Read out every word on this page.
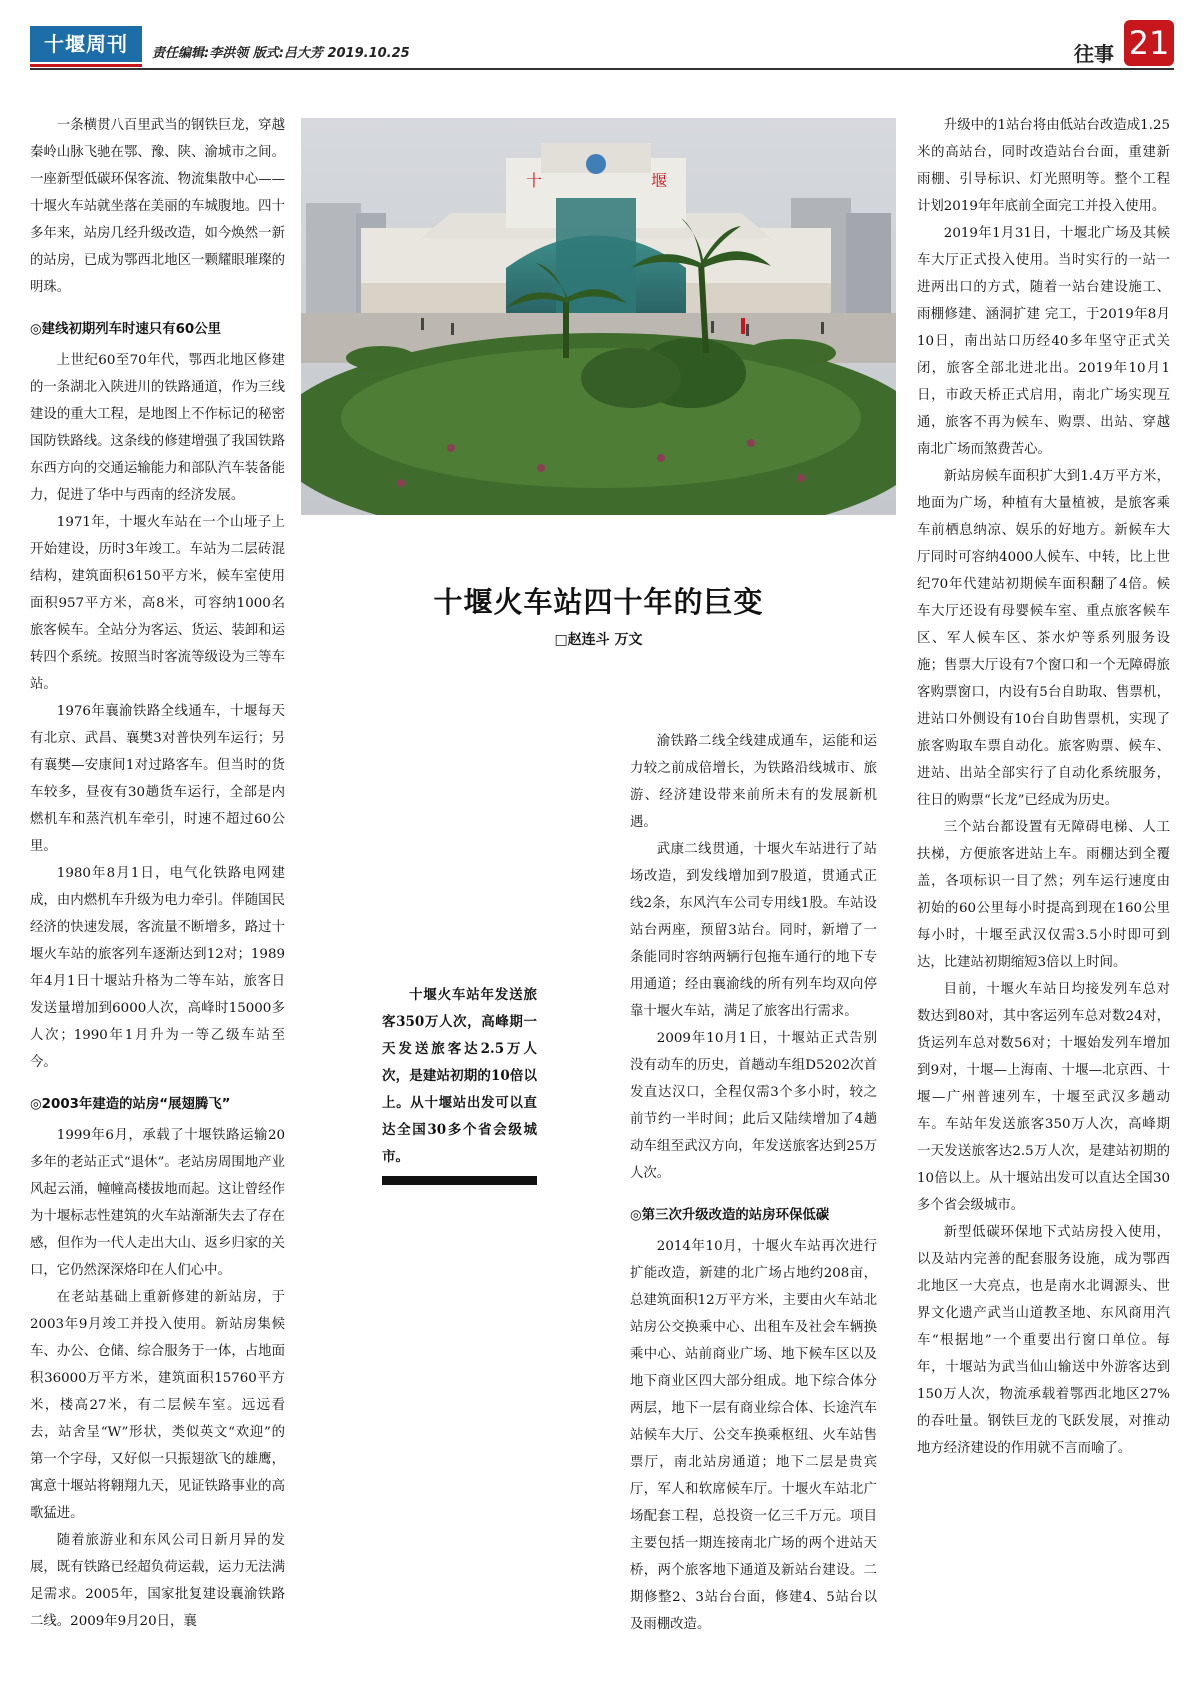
十堰周刊	责任编辑:李洪领 版式:吕大芳 2019.10.25	往事 21

一条横贯八百里武当的钢铁巨龙，穿越秦岭山脉飞驰在鄂、豫、陕、渝城市之间。一座新型低碳环保客流、物流集散中心——十堰火车站就坐落在美丽的车城腹地。四十多年来，站房几经升级改造，如今焕然一新的站房，已成为鄂西北地区一颗耀眼璀璨的明珠。

◎建线初期列车时速只有60公里

上世纪60至70年代，鄂西北地区修建的一条湖北入陕进川的铁路通道，作为三线建设的重大工程，是地图上不作标记的秘密国防铁路线。这条线的修建增强了我国铁路东西方向的交通运输能力和部队汽车装备能力，促进了华中与西南的经济发展。

1971年，十堰火车站在一个山垭子上开始建设，历时3年竣工。车站为二层砖混结构，建筑面积6150平方米，候车室使用面积957平方米，高8米，可容纳1000名旅客候车。全站分为客运、货运、装卸和运转四个系统。按照当时客流等级设为三等车站。

1976年襄渝铁路全线通车，十堰每天有北京、武昌、襄樊3对普快列车运行；另有襄樊—安康间1对过路客车。但当时的货车较多，昼夜有30趟货车运行，全部是内燃机车和蒸汽机车牵引，时速不超过60公里。

1980年8月1日，电气化铁路电网建成，由内燃机车升级为电力牵引。伴随国民经济的快速发展，客流量不断增多，路过十堰火车站的旅客列车逐渐达到12对；1989年4月1日十堰站升格为二等车站，旅客日发送量增加到6000人次，高峰时15000多人次；1990年1月升为一等乙级车站至今。

◎2003年建造的站房“展翅腾飞”

1999年6月，承载了十堰铁路运输20多年的老站正式“退休”。老站房周围地产业风起云涌，幢幢高楼拔地而起。这让曾经作为十堰标志性建筑的火车站渐渐失去了存在感，但作为一代人走出大山、返乡归家的关口，它仍然深深烙印在人们心中。

在老站基础上重新修建的新站房，于2003年9月竣工并投入使用。新站房集候车、办公、仓储、综合服务于一体，占地面积36000万平方米，建筑面积15760平方米，楼高27米，有二层候车室。远远看去，站舍呈“W”形状，类似英文“欢迎”的第一个字母，又好似一只振翅欲飞的雄鹰，寓意十堰站将翱翔九天，见证铁路事业的高歌猛进。

随着旅游业和东风公司日新月异的发展，既有铁路已经超负荷运载，运力无法满足需求。2005年，国家批复建设襄渝铁路二线。2009年9月20日，襄

十	堰
十堰火车站四十年的巨变
□赵连斗 万文
十堰火车站年发送旅客350万人次，高峰期一天发送旅客达2.5万人次，是建站初期的10倍以上。从十堰站出发可以直达全国30多个省会级城市。

渝铁路二线全线建成通车，运能和运力较之前成倍增长，为铁路沿线城市、旅游、经济建设带来前所未有的发展新机遇。

武康二线贯通，十堰火车站进行了站场改造，到发线增加到7股道，贯通式正线2条，东风汽车公司专用线1股。车站设站台两座，预留3站台。同时，新增了一条能同时容纳两辆行包拖车通行的地下专用通道；经由襄渝线的所有列车均双向停靠十堰火车站，满足了旅客出行需求。

2009年10月1日，十堰站正式告别没有动车的历史，首趟动车组D5202次首发直达汉口，全程仅需3个多小时，较之前节约一半时间；此后又陆续增加了4趟动车组至武汉方向，年发送旅客达到25万人次。

◎第三次升级改造的站房环保低碳

2014年10月，十堰火车站再次进行扩能改造，新建的北广场占地约208亩，总建筑面积12万平方米，主要由火车站北站房公交换乘中心、出租车及社会车辆换乘中心、站前商业广场、地下候车区以及地下商业区四大部分组成。地下综合体分两层，地下一层有商业综合体、长途汽车站候车大厅、公交车换乘枢纽、火车站售票厅，南北站房通道；地下二层是贵宾厅，军人和软席候车厅。十堰火车站北广场配套工程，总投资一亿三千万元。项目主要包括一期连接南北广场的两个进站天桥，两个旅客地下通道及新站台建设。二期修整2、3站台台面，修建4、5站台以及雨棚改造。

升级中的1站台将由低站台改造成1.25米的高站台，同时改造站台台面，重建新雨棚、引导标识、灯光照明等。整个工程计划2019年年底前全面完工并投入使用。

2019年1月31日，十堰北广场及其候车大厅正式投入使用。当时实行的一站一进两出口的方式，随着一站台建设施工、雨棚修建、涵洞扩建 完工，于2019年8月10日，南出站口历经40多年坚守正式关闭，旅客全部北进北出。2019年10月1日，市政天桥正式启用，南北广场实现互通，旅客不再为候车、购票、出站、穿越南北广场而煞费苦心。

新站房候车面积扩大到1.4万平方米，地面为广场，种植有大量植被，是旅客乘车前栖息纳凉、娱乐的好地方。新候车大厅同时可容纳4000人候车、中转，比上世纪70年代建站初期候车面积翻了4倍。候车大厅还设有母婴候车室、重点旅客候车区、军人候车区、茶水炉等系列服务设施；售票大厅设有7个窗口和一个无障碍旅客购票窗口，内设有5台自助取、售票机，进站口外侧设有10台自助售票机，实现了旅客购取车票自动化。旅客购票、候车、进站、出站全部实行了自动化系统服务，往日的购票“长龙”已经成为历史。

三个站台都设置有无障碍电梯、人工扶梯，方便旅客进站上车。雨棚达到全覆盖，各项标识一目了然；列车运行速度由初始的60公里每小时提高到现在160公里每小时，十堰至武汉仅需3.5小时即可到达，比建站初期缩短3倍以上时间。

目前，十堰火车站日均接发列车总对数达到80对，其中客运列车总对数24对，货运列车总对数56对；十堰始发列车增加到9对，十堰—上海南、十堰—北京西、十堰—广州普速列车，十堰至武汉多趟动车。车站年发送旅客350万人次，高峰期一天发送旅客达2.5万人次，是建站初期的10倍以上。从十堰站出发可以直达全国30多个省会级城市。

新型低碳环保地下式站房投入使用，以及站内完善的配套服务设施，成为鄂西北地区一大亮点，也是南水北调源头、世界文化遗产武当山道教圣地、东风商用汽车“根据地”一个重要出行窗口单位。每年，十堰站为武当仙山输送中外游客达到150万人次，物流承载着鄂西北地区27%的吞吐量。钢铁巨龙的飞跃发展，对推动地方经济建设的作用就不言而喻了。
